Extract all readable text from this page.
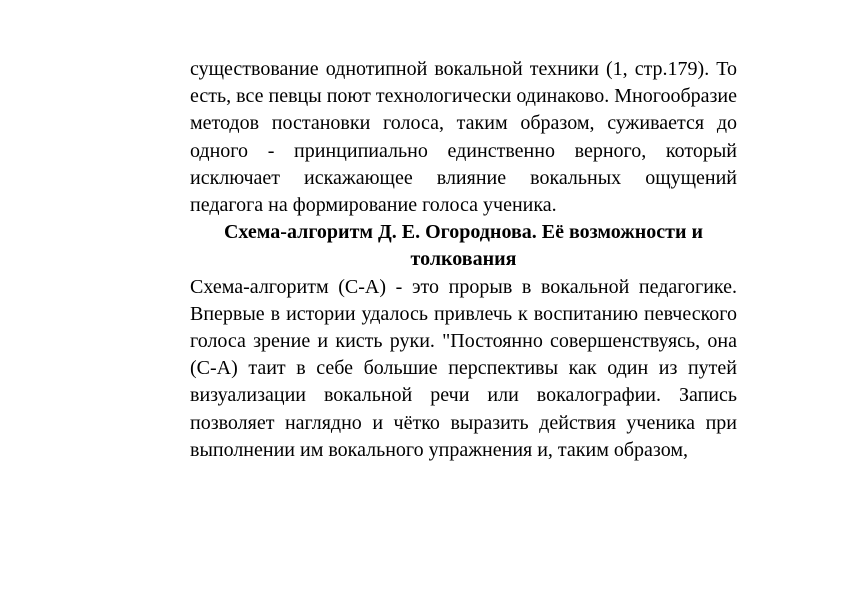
существование однотипной вокальной техники (1, стр.179). То есть, все певцы поют технологически одинаково. Многообразие методов постановки голоса, таким образом, суживается до одного - принципиально единственно верного, который исключает искажающее влияние вокальных ощущений педагога на формирование голоса ученика.

Схема-алгоритм Д. Е. Огороднова. Её возможности и толкования

Схема-алгоритм (С-А) - это прорыв в вокальной педагогике. Впервые в истории удалось привлечь к воспитанию певческого голоса зрение и кисть руки. "Постоянно совершенствуясь, она (С-А) таит в себе большие перспективы как один из путей визуализации вокальной речи или вокалографии. Запись позволяет наглядно и чётко выразить действия ученика при выполнении им вокального упражнения и, таким образом,
